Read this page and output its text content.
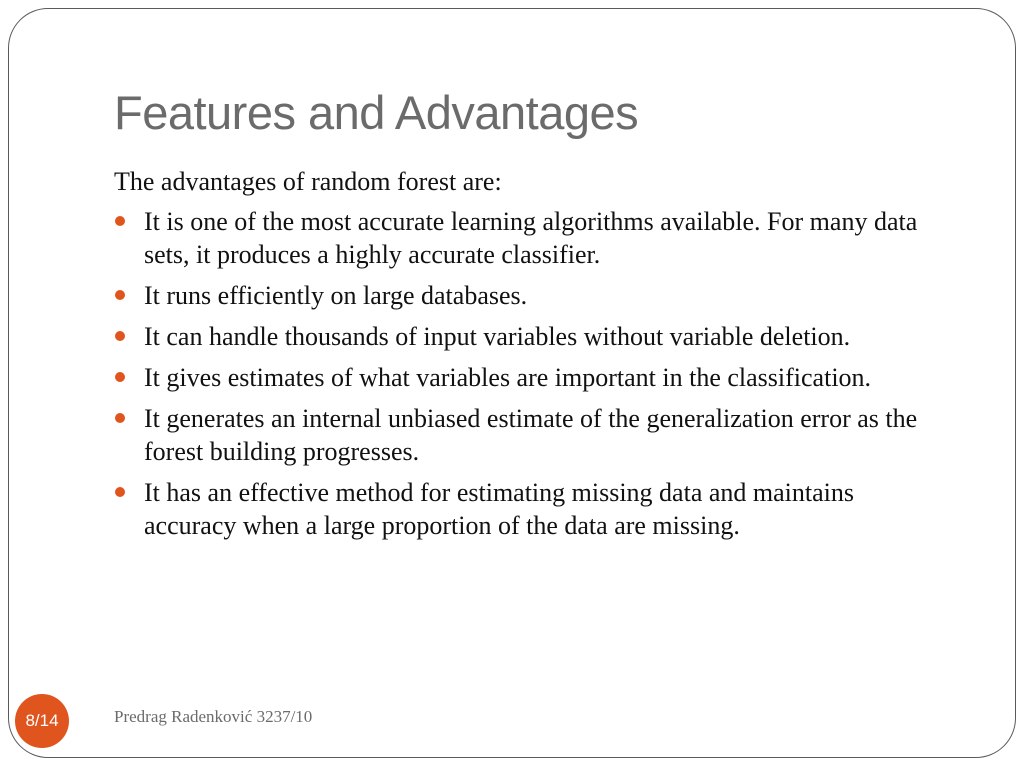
Features and Advantages

The advantages of random forest are:

It is one of the most accurate learning algorithms available. For many data sets, it produces a highly accurate classifier.
It runs efficiently on large databases.
It can handle thousands of input variables without variable deletion.
It gives estimates of what variables are important in the classification.
It generates an internal unbiased estimate of the generalization error as the forest building progresses.
It has an effective method for estimating missing data and maintains accuracy when a large proportion of the data are missing.
8/14	Predrag Radenković 3237/10
